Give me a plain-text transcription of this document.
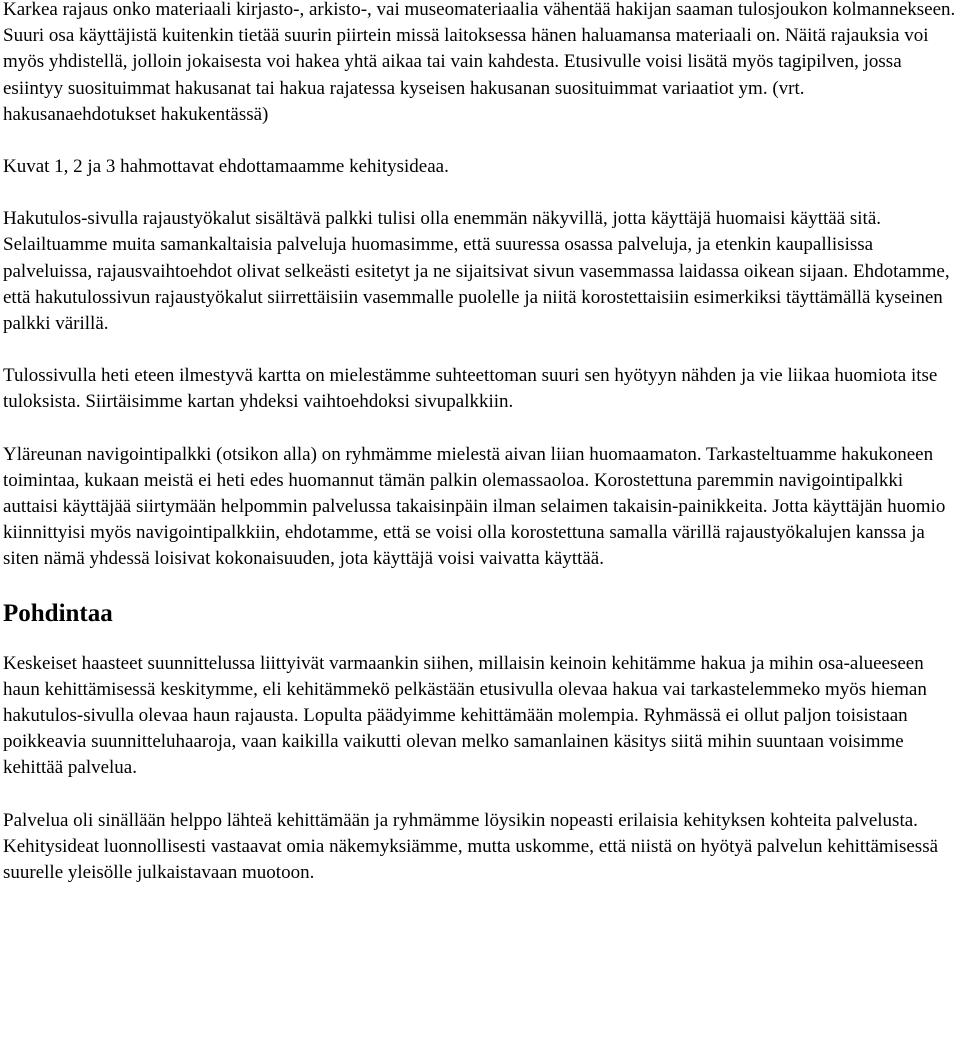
Karkea rajaus onko materiaali kirjasto-, arkisto-, vai museomateriaalia vähentää hakijan saaman tulosjoukon kolmannekseen. Suuri osa käyttäjistä kuitenkin tietää suurin piirtein missä laitoksessa hänen haluamansa materiaali on. Näitä rajauksia voi myös yhdistellä, jolloin jokaisesta voi hakea yhtä aikaa tai vain kahdesta. Etusivulle voisi lisätä myös tagipilven, jossa esiintyy suosituimmat hakusanat tai hakua rajatessa kyseisen hakusanan suosituimmat variaatiot ym. (vrt. hakusanaehdotukset hakukentässä)

Kuvat 1, 2 ja 3 hahmottavat ehdottamaamme kehitysideaa.

Hakutulos-sivulla rajaustyökalut sisältävä palkki tulisi olla enemmän näkyvillä, jotta käyttäjä huomaisi käyttää sitä. Selailtuamme muita samankaltaisia palveluja huomasimme, että suuressa osassa palveluja, ja etenkin kaupallisissa palveluissa, rajausvaihtoehdot olivat selkeästi esitetyt ja ne sijaitsivat sivun vasemmassa laidassa oikean sijaan. Ehdotamme, että hakutulossivun rajaustyökalut siirrettäisiin vasemmalle puolelle ja niitä korostettaisiin esimerkiksi täyttämällä kyseinen palkki värillä.

Tulossivulla heti eteen ilmestyvä kartta on mielestämme suhteettoman suuri sen hyötyyn nähden ja vie liikaa huomiota itse tuloksista. Siirtäisimme kartan yhdeksi vaihtoehdoksi sivupalkkiin.

Yläreunan navigointipalkki (otsikon alla) on ryhmämme mielestä aivan liian huomaamaton. Tarkasteltuamme hakukoneen toimintaa, kukaan meistä ei heti edes huomannut tämän palkin olemassaoloa. Korostettuna paremmin navigointipalkki auttaisi käyttäjää siirtymään helpommin palvelussa takaisinpäin ilman selaimen takaisin-painikkeita. Jotta käyttäjän huomio kiinnittyisi myös navigointipalkkiin, ehdotamme, että se voisi olla korostettuna samalla värillä rajaustyökalujen kanssa ja siten nämä yhdessä loisivat kokonaisuuden, jota käyttäjä voisi vaivatta käyttää.

Pohdintaa

Keskeiset haasteet suunnittelussa liittyivät varmaankin siihen, millaisin keinoin kehitämme hakua ja mihin osa-alueeseen haun kehittämisessä keskitymme, eli kehitämmekö pelkästään etusivulla olevaa hakua vai tarkastelemmeko myös hieman hakutulos-sivulla olevaa haun rajausta. Lopulta päädyimme kehittämään molempia. Ryhmässä ei ollut paljon toisistaan poikkeavia suunnitteluhaaroja, vaan kaikilla vaikutti olevan melko samanlainen käsitys siitä mihin suuntaan voisimme kehittää palvelua.

Palvelua oli sinällään helppo lähteä kehittämään ja ryhmämme löysikin nopeasti erilaisia kehityksen kohteita palvelusta. Kehitysideat luonnollisesti vastaavat omia näkemyksiämme, mutta uskomme, että niistä on hyötyä palvelun kehittämisessä suurelle yleisölle julkaistavaan muotoon.
